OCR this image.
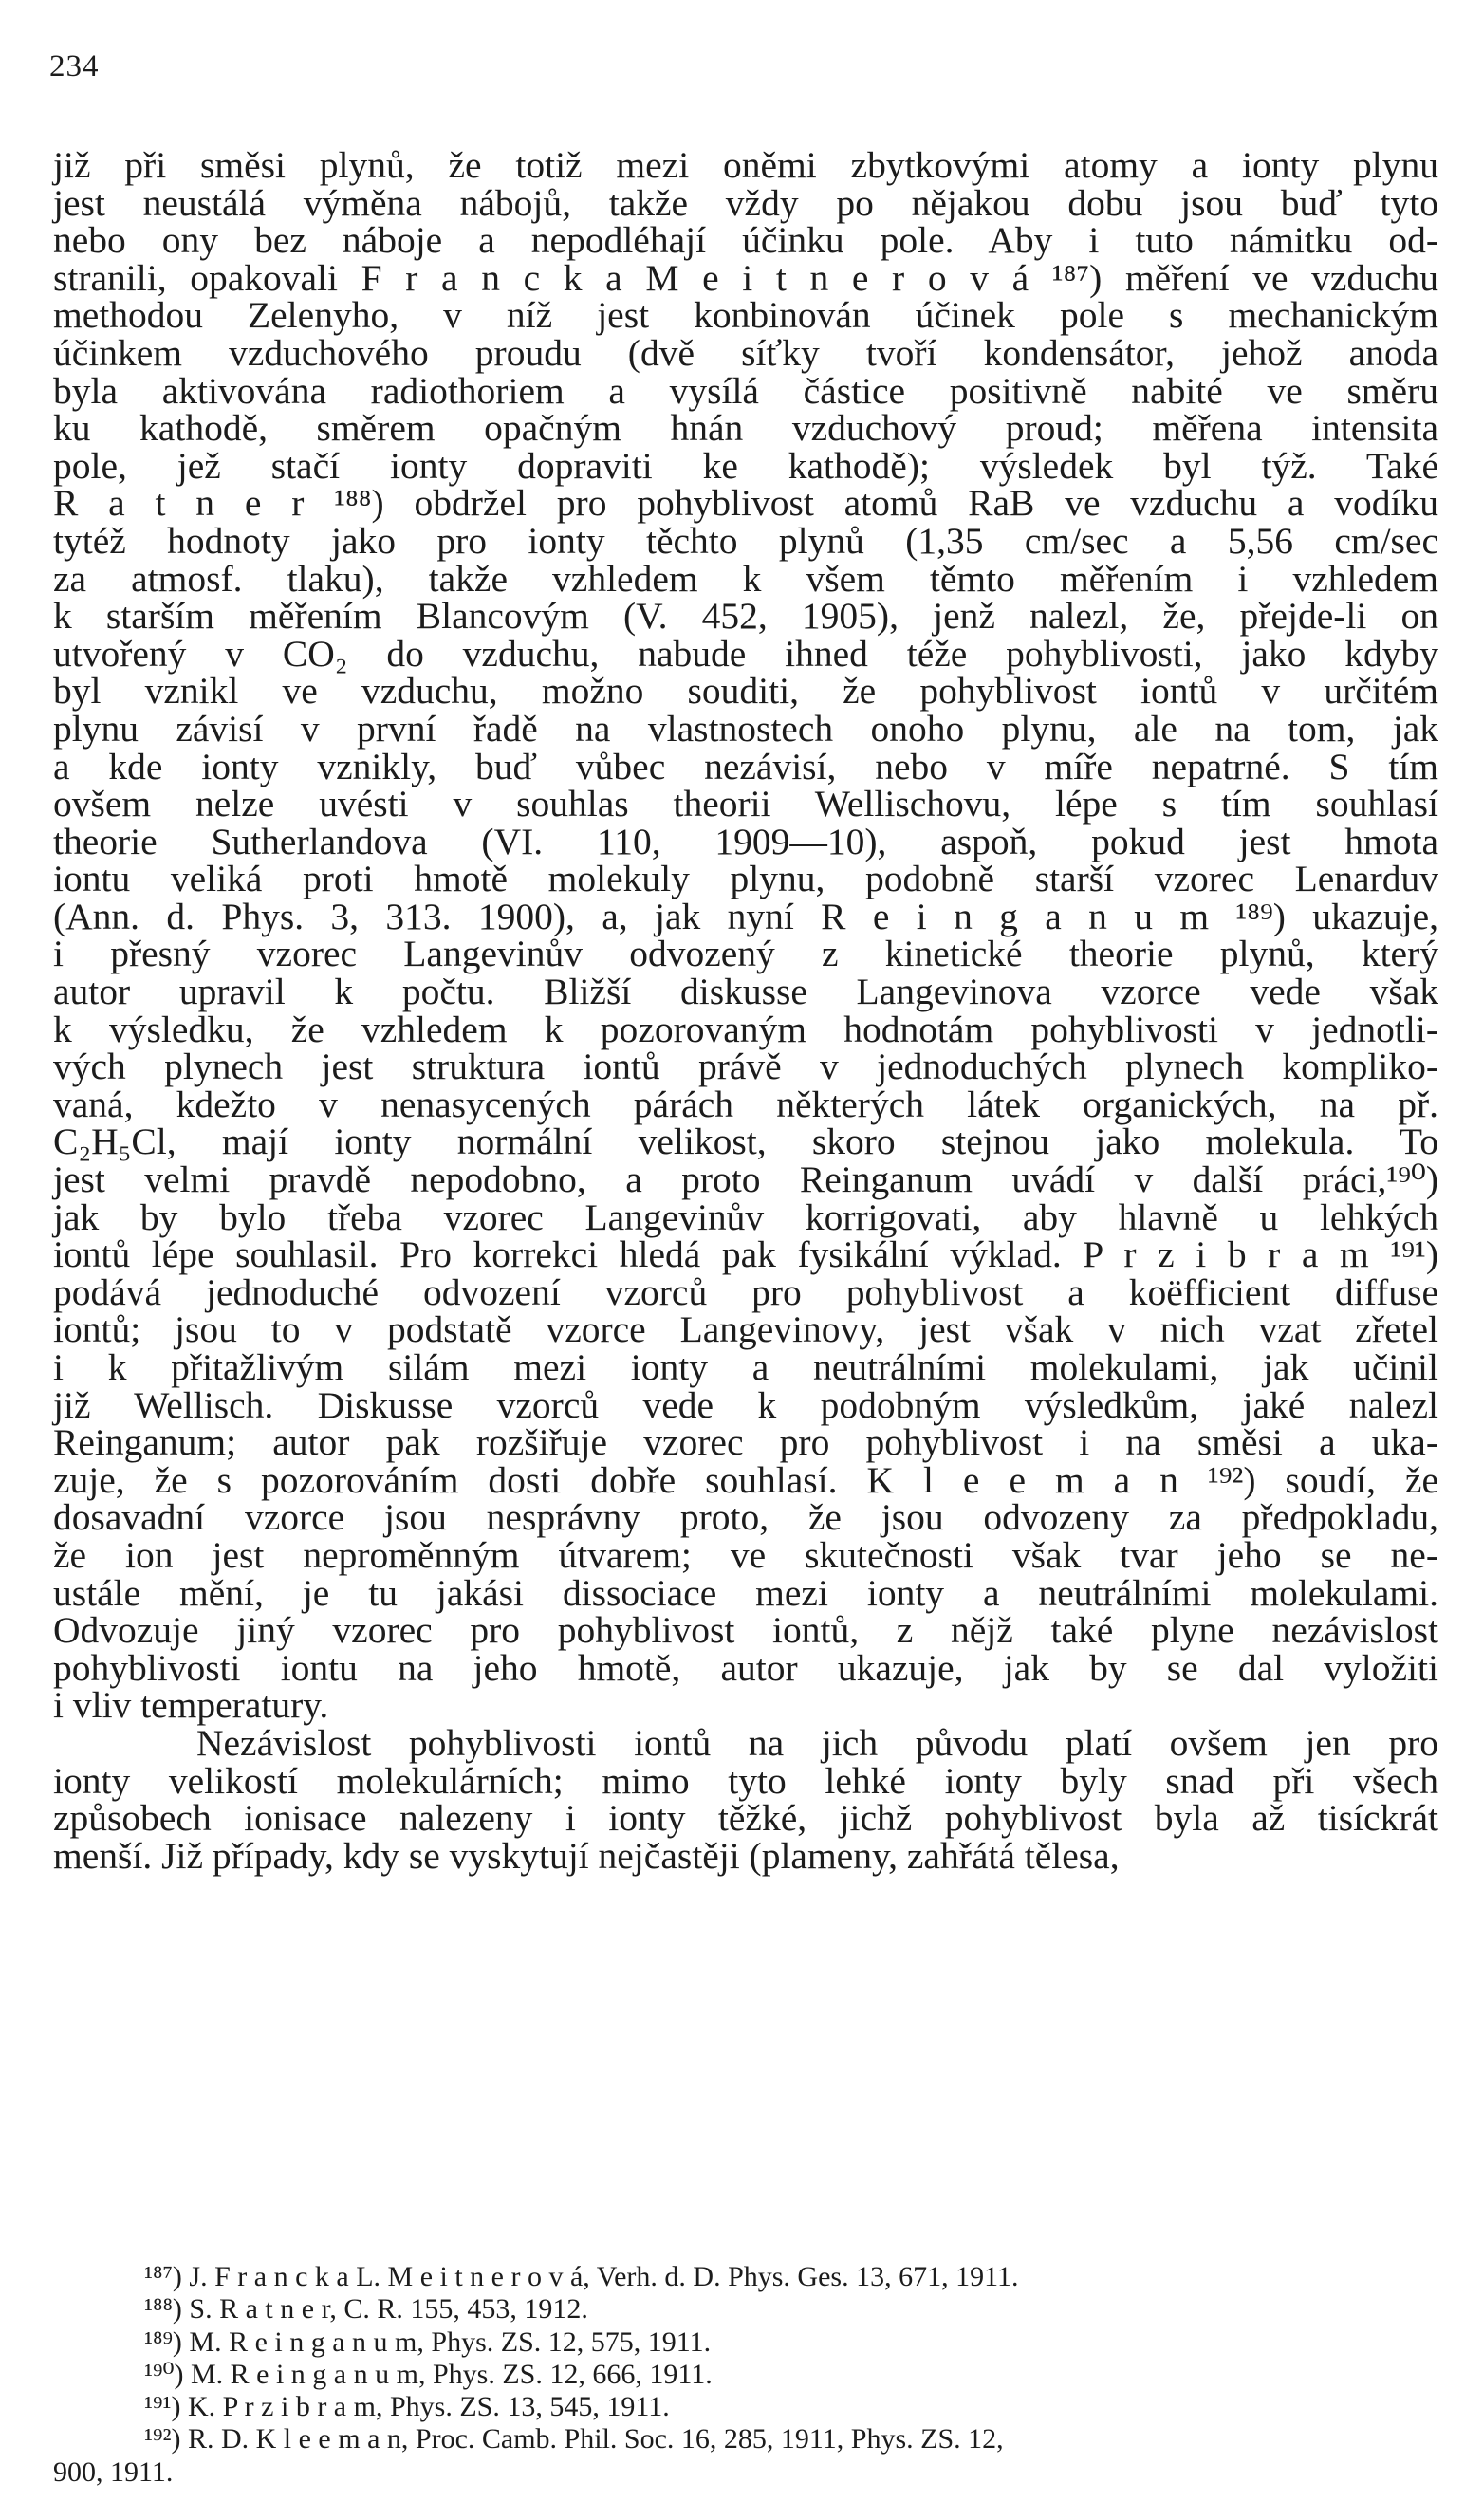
234
již při směsi plynů, že totiž mezi oněmi zbytkovými atomy a ionty plynu
jest neustálá výměna nábojů, takže vždy po nějakou dobu jsou buď tyto
nebo ony bez náboje a nepodléhají účinku pole. Aby i tuto námitku od-
stranili, opakovali F r a n c k a M e i t n e r o v á ¹⁸⁷) měření ve vzduchu
methodou Zelenyho, v níž jest konbinován účinek pole s mechanickým
účinkem vzduchového proudu (dvě síťky tvoří kondensátor, jehož anoda
byla aktivována radiothoriem a vysílá částice positivně nabité ve směru
ku kathodě, směrem opačným hnán vzduchový proud; měřena intensita
pole, jež stačí ionty dopraviti ke kathodě); výsledek byl týž. Také
R a t n e r ¹⁸⁸) obdržel pro pohyblivost atomů RaB ve vzduchu a vodíku
tytéž hodnoty jako pro ionty těchto plynů (1,35 cm/sec a 5,56 cm/sec
za atmosf. tlaku), takže vzhledem k všem těmto měřením i vzhledem
k starším měřením Blancovým (V. 452, 1905), jenž nalezl, že, přejde-li on
utvořený v CO₂ do vzduchu, nabude ihned téže pohyblivosti, jako kdyby
byl vznikl ve vzduchu, možno souditi, že pohyblivost iontů v určitém
plynu závisí v první řadě na vlastnostech onoho plynu, ale na tom, jak
a kde ionty vznikly, buď vůbec nezávisí, nebo v míře nepatrné. S tím
ovšem nelze uvésti v souhlas theorii Wellischovu, lépe s tím souhlasí
theorie Sutherlandova (VI. 110, 1909—10), aspoň, pokud jest hmota
iontu veliká proti hmotě molekuly plynu, podobně starší vzorec Lenarduv
(Ann. d. Phys. 3, 313. 1900), a, jak nyní R e i n g a n u m ¹⁸⁹) ukazuje,
i přesný vzorec Langevinův odvozený z kinetické theorie plynů, který
autor upravil k počtu. Bližší diskusse Langevinova vzorce vede však
k výsledku, že vzhledem k pozorovaným hodnotám pohyblivosti v jednotli-
vých plynech jest struktura iontů právě v jednoduchých plynech kompliko-
vaná, kdežto v nenasycených párách některých látek organických, na př.
C₂H₅Cl, mají ionty normální velikost, skoro stejnou jako molekula. To
jest velmi pravdě nepodobno, a proto Reinganum uvádí v další práci,¹⁹⁰)
jak by bylo třeba vzorec Langevinův korrigovati, aby hlavně u lehkých
iontů lépe souhlasil. Pro korrekci hledá pak fysikální výklad. P r z i b r a m ¹⁹¹)
podává jednoduché odvození vzorců pro pohyblivost a koëfficient diffuse
iontů; jsou to v podstatě vzorce Langevinovy, jest však v nich vzat zřetel
i k přitažlivým silám mezi ionty a neutrálními molekulami, jak učinil
již Wellisch. Diskusse vzorců vede k podobným výsledkům, jaké nalezl
Reinganum; autor pak rozšiřuje vzorec pro pohyblivost i na směsi a uka-
zuje, že s pozorováním dosti dobře souhlasí. K l e e m a n ¹⁹²) soudí, že
dosavadní vzorce jsou nesprávny proto, že jsou odvozeny za předpokladu,
že ion jest neproměnným útvarem; ve skutečnosti však tvar jeho se ne-
ustále mění, je tu jakási dissociace mezi ionty a neutrálními molekulami.
Odvozuje jiný vzorec pro pohyblivost iontů, z nějž také plyne nezávislost
pohyblivosti iontu na jeho hmotě, autor ukazuje, jak by se dal vyložiti
i vliv temperatury.
Nezávislost pohyblivosti iontů na jich původu platí ovšem jen pro
ionty velikostí molekulárních; mimo tyto lehké ionty byly snad při všech
způsobech ionisace nalezeny i ionty těžké, jichž pohyblivost byla až tisíckrát
menší. Již případy, kdy se vyskytují nejčastěji (plameny, zahřátá tělesa,
¹⁸⁷) J. F r a n c k a L. M e i t n e r o v á, Verh. d. D. Phys. Ges. 13, 671, 1911.
¹⁸⁸) S. R a t n e r, C. R. 155, 453, 1912.
¹⁸⁹) M. R e i n g a n u m, Phys. ZS. 12, 575, 1911.
¹⁹⁰) M. R e i n g a n u m, Phys. ZS. 12, 666, 1911.
¹⁹¹) K. P r z i b r a m, Phys. ZS. 13, 545, 1911.
¹⁹²) R. D. K l e e m a n, Proc. Camb. Phil. Soc. 16, 285, 1911, Phys. ZS. 12,
900, 1911.
